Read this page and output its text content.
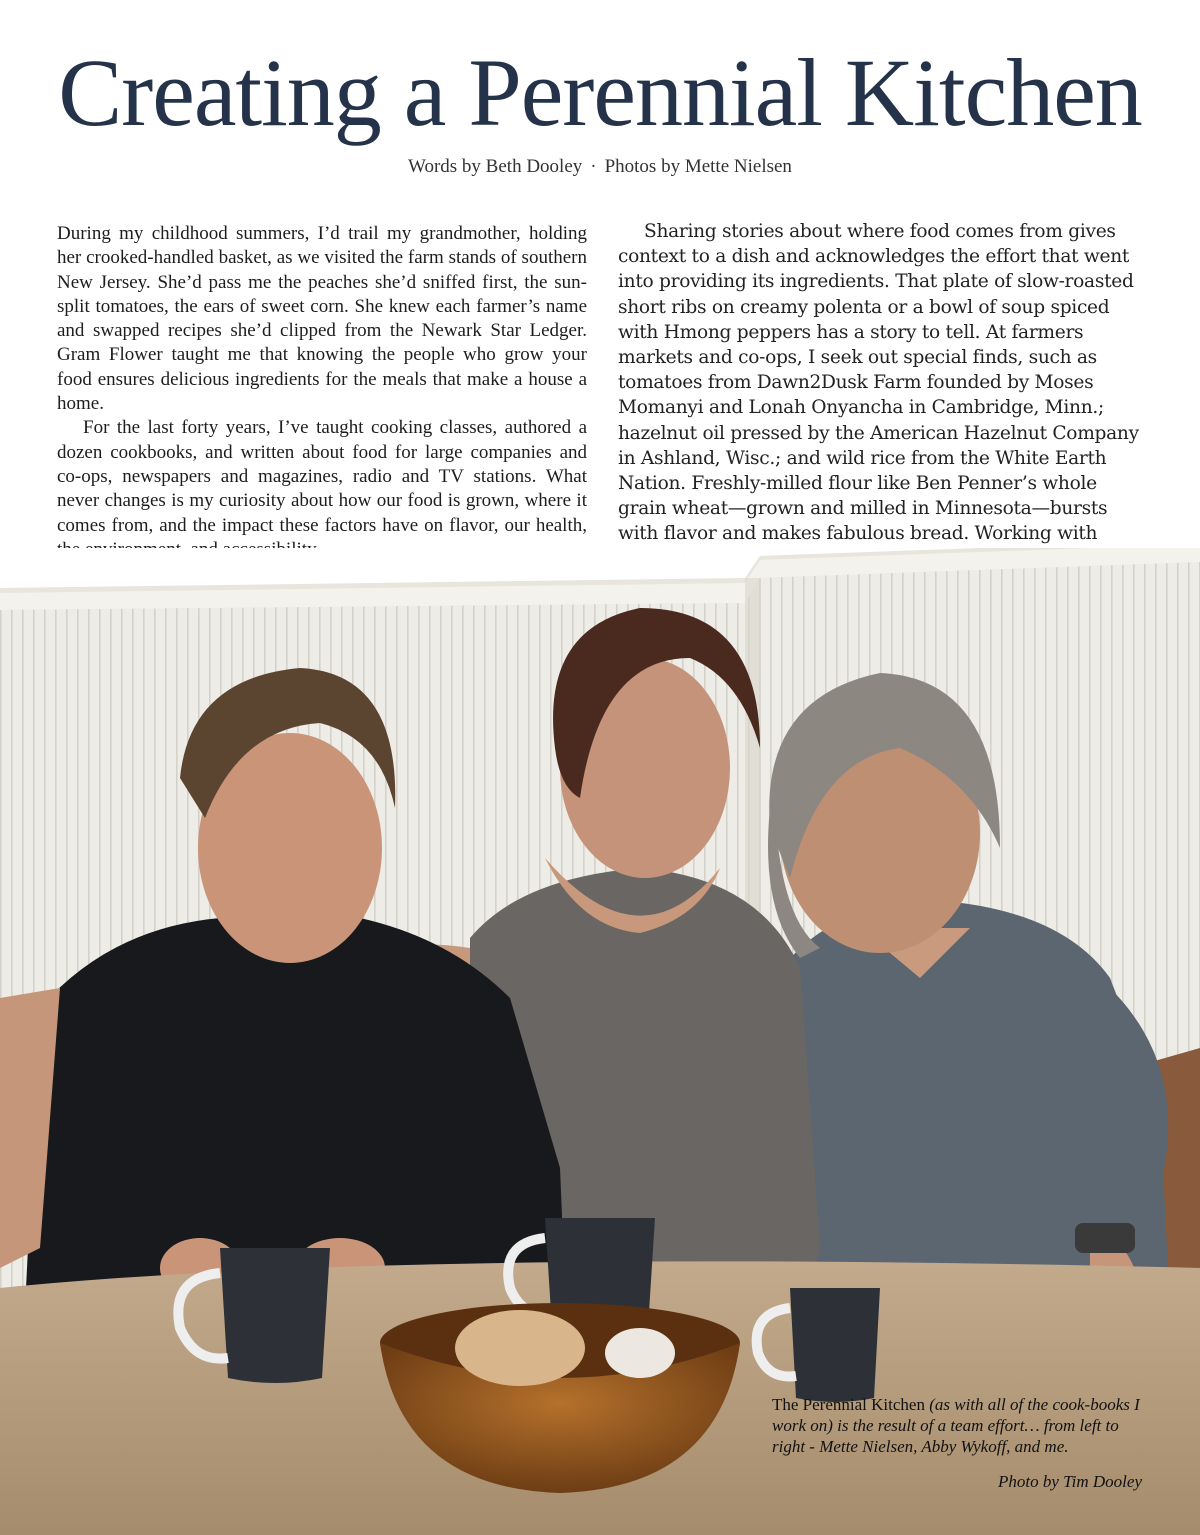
Creating a Perennial Kitchen
Words by Beth Dooley · Photos by Mette Nielsen

During my childhood summers, I’d trail my grandmother, holding her crooked-handled basket, as we visited the farm stands of southern New Jersey. She’d pass me the peaches she’d sniffed first, the sun-split tomatoes, the ears of sweet corn. She knew each farmer’s name and swapped recipes she’d clipped from the Newark Star Ledger. Gram Flower taught me that knowing the people who grow your food ensures delicious ingredients for the meals that make a house a home.

For the last forty years, I’ve taught cooking classes, authored a dozen cookbooks, and written about food for large companies and co-ops, newspapers and magazines, radio and TV stations. What never changes is my curiosity about how our food is grown, where it comes from, and the impact these factors have on flavor, our health,

Sharing stories about where food comes from gives context to a dish and acknowledges the effort that went into providing its ingredients. That plate of slow-roasted short ribs on creamy polenta or a bowl of soup spiced with Hmong peppers has a story to tell. At farmers markets and co-ops, I seek out special finds, such as tomatoes from Dawn2Dusk Farm founded by Moses Momanyi and Lonah Onyancha in Cambridge, Minn.; hazelnut oil pressed by the American Hazelnut Company in Ashland, Wisc.; and wild rice from the White Earth Nation. Freshly-milled flour like Ben Penner’s whole grain wheat—grown and milled in Minnesota—bursts with flavor and makes fabulous bread. Working with

The Perennial Kitchen (as with all of the cook-books I work on) is the result of a team effort… from left to right - Mette Nielsen, Abby Wykoff, and me.
Photo by Tim Dooley
